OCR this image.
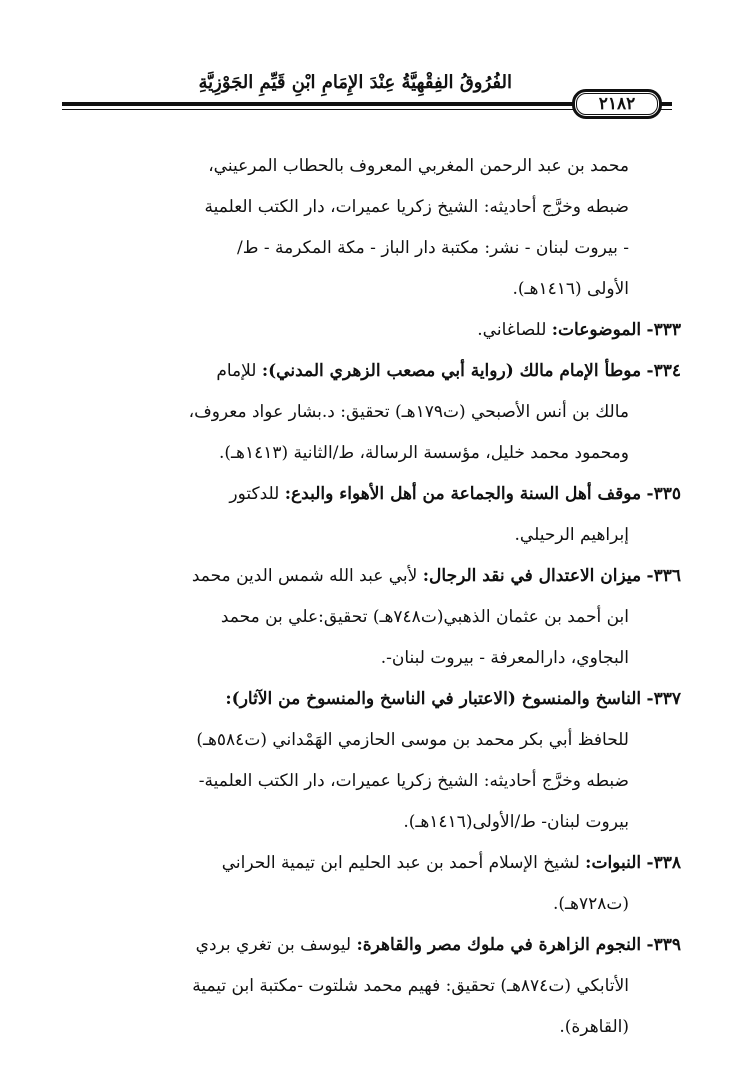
الفُرُوقُ الفِقْهِيَّةُ عِنْدَ الإِمَامِ ابْنِ قَيِّمِ الجَوْزِيَّةِ
٢١٨٢
محمد بن عبد الرحمن المغربي المعروف بالحطاب المرعيني،
ضبطه وخرَّج أحاديثه: الشيخ زكريا عميرات، دار الكتب العلمية
- بيروت لبنان - نشر: مكتبة دار الباز - مكة المكرمة - ط/
الأولى (١٤١٦هـ).
٣٣٣- الموضوعات: للصاغاني.
٣٣٤- موطأ الإمام مالك (رواية أبي مصعب الزهري المدني): للإمام
مالك بن أنس الأصبحي (ت١٧٩هـ) تحقيق: د.بشار عواد معروف،
ومحمود محمد خليل، مؤسسة الرسالة، ط/الثانية (١٤١٣هـ).
٣٣٥- موقف أهل السنة والجماعة من أهل الأهواء والبدع: للدكتور
إبراهيم الرحيلي.
٣٣٦- ميزان الاعتدال في نقد الرجال: لأبي عبد الله شمس الدين محمد
ابن أحمد بن عثمان الذهبي(ت٧٤٨هـ) تحقيق:علي بن محمد
البجاوي، دارالمعرفة - بيروت لبنان-.
٣٣٧- الناسخ والمنسوخ (الاعتبار في الناسخ والمنسوخ من الآثار):
للحافظ أبي بكر محمد بن موسى الحازمي الهَمْداني (ت٥٨٤هـ)
ضبطه وخرَّج أحاديثه: الشيخ زكريا عميرات، دار الكتب العلمية-
بيروت لبنان- ط/الأولى(١٤١٦هـ).
٣٣٨- النبوات: لشيخ الإسلام أحمد بن عبد الحليم ابن تيمية الحراني
(ت٧٢٨هـ).
٣٣٩- النجوم الزاهرة في ملوك مصر والقاهرة: ليوسف بن تغري بردي
الأتابكي (ت٨٧٤هـ) تحقيق: فهيم محمد شلتوت -مكتبة ابن تيمية
(القاهرة).
